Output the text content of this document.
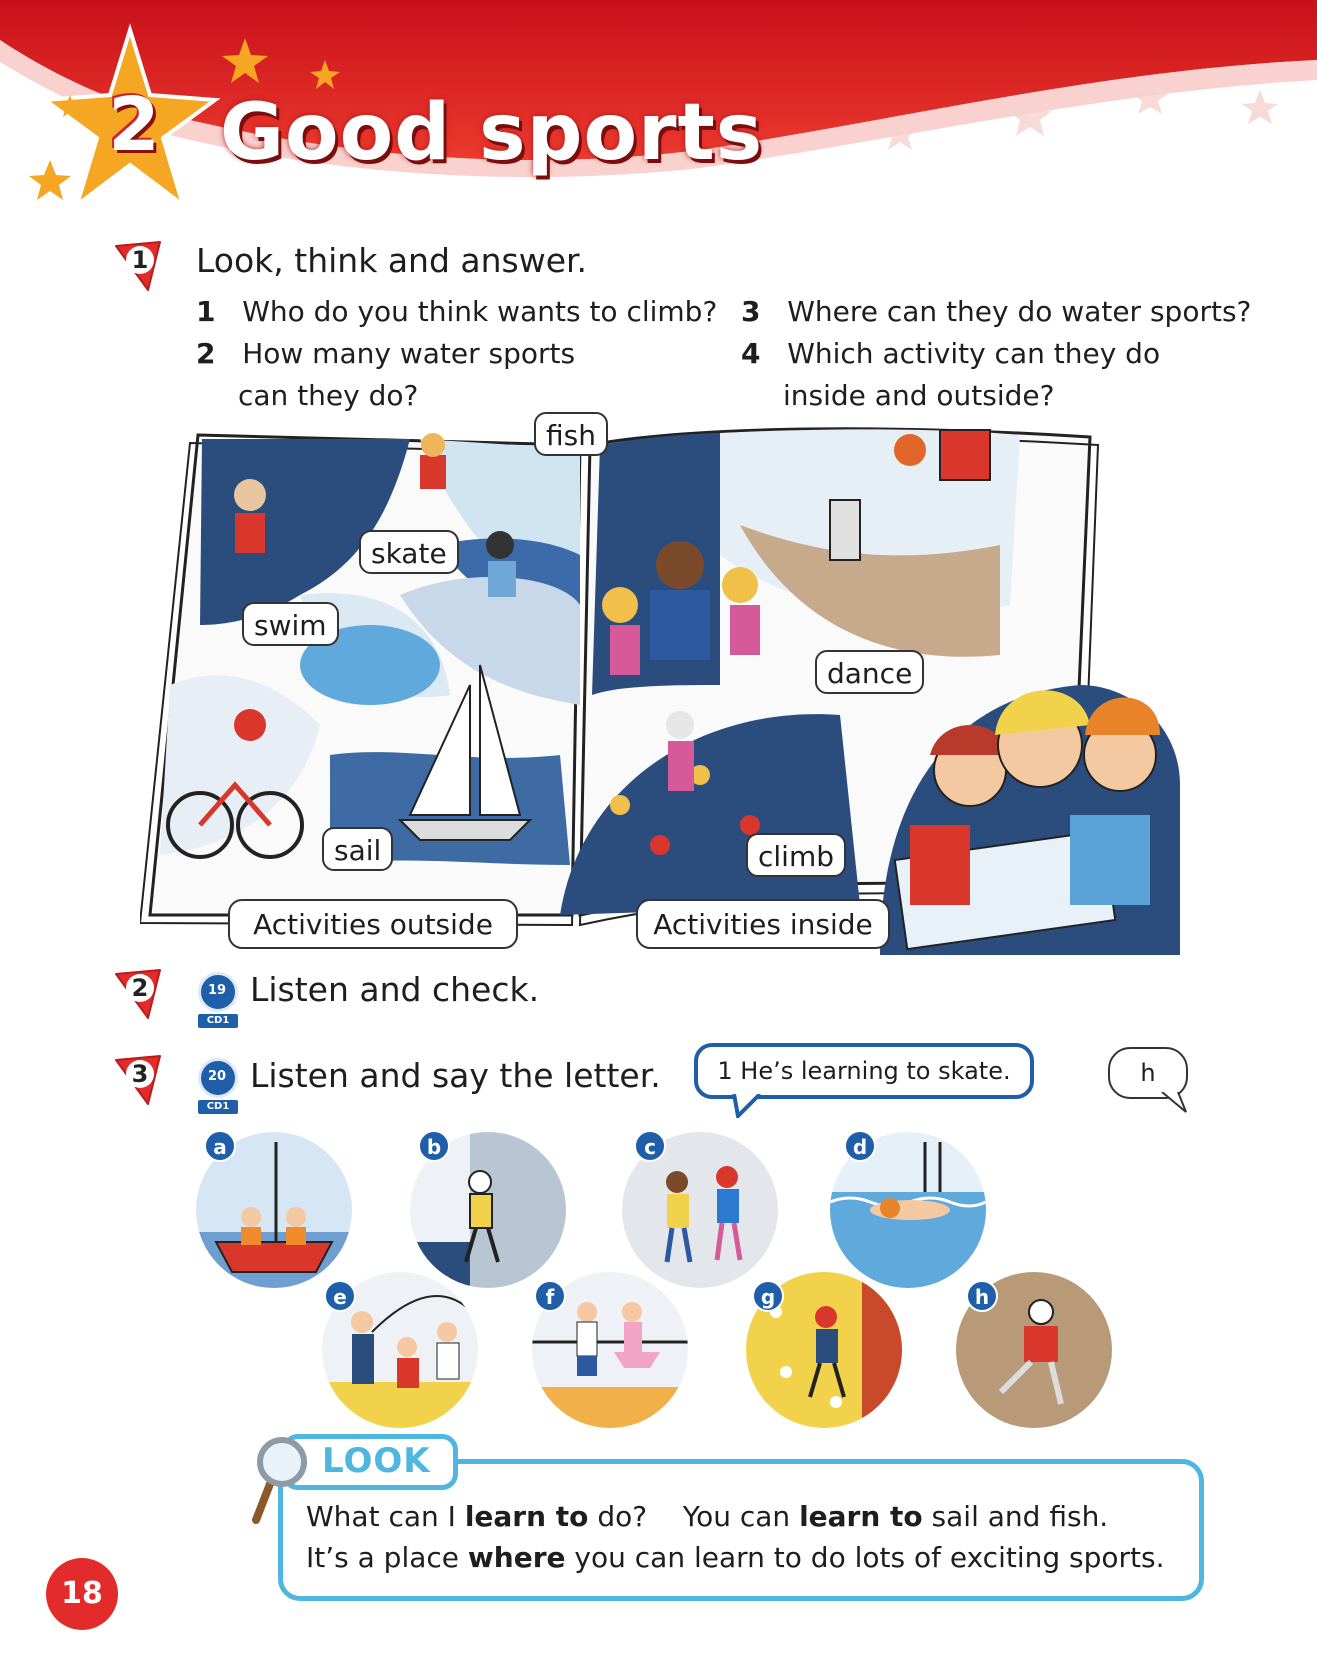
2 Good sports
1	Look, think and answer.
1 Who do you think wants to climb?
2 How many water sports
can they do?
3 Where can they do water sports?
4 Which activity can they do
inside and outside?
fish
skate
swim
sail
dance
climb
Activities outside	Activities inside
2	19
CD1
Listen and check.
3	20
CD1
Listen and say the letter.	1 He’s learning to skate.	h
a	b	c	d
e	f	g	h
LOOK
What can I learn to do?    You can learn to sail and fish.
It’s a place where you can learn to do lots of exciting sports.
18
